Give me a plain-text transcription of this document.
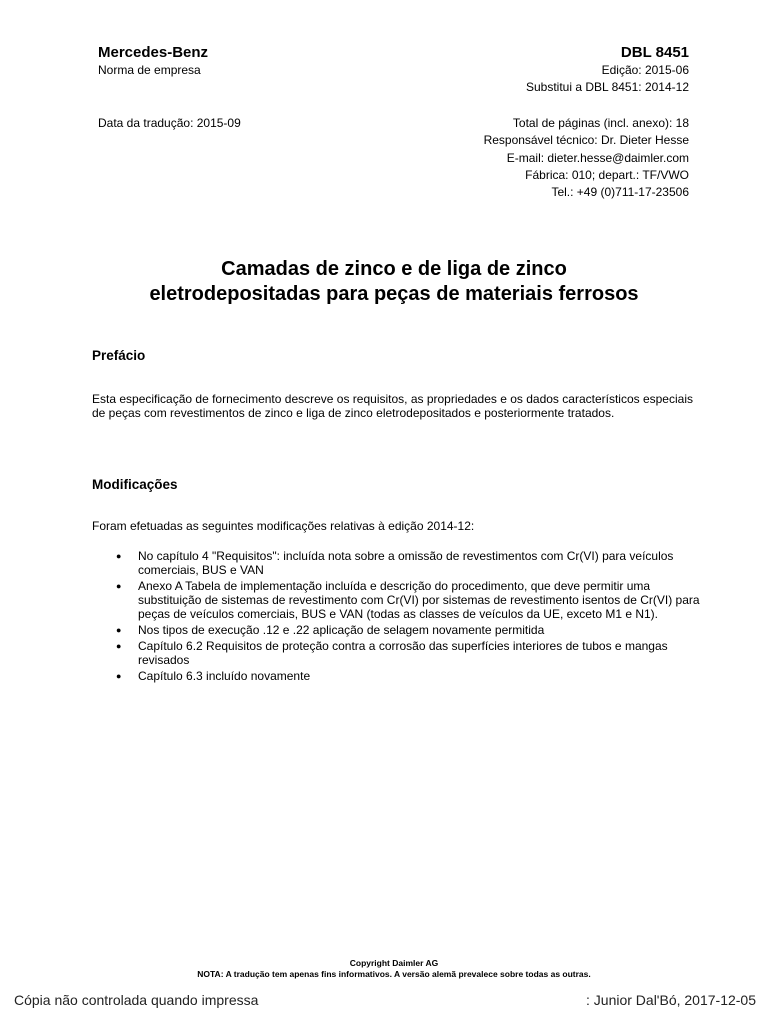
Mercedes-Benz
Norma de empresa
DBL 8451
Edição: 2015-06
Substitui a DBL 8451: 2014-12
Data da tradução: 2015-09	Total de páginas (incl. anexo): 18
Responsável técnico: Dr. Dieter Hesse
E-mail: dieter.hesse@daimler.com
Fábrica: 010; depart.: TF/VWO
Tel.: +49 (0)711-17-23506
Camadas de zinco e de liga de zinco
eletrodepositadas para peças de materiais ferrosos
Prefácio
Esta especificação de fornecimento descreve os requisitos, as propriedades e os dados característicos especiais de peças com revestimentos de zinco e liga de zinco eletrodepositados e posteriormente tratados.
Modificações
Foram efetuadas as seguintes modificações relativas à edição 2014-12:
● No capítulo 4 "Requisitos": incluída nota sobre a omissão de revestimentos com Cr(VI) para veículos comerciais, BUS e VAN
● Anexo A Tabela de implementação incluída e descrição do procedimento, que deve permitir uma substituição de sistemas de revestimento com Cr(VI) por sistemas de revestimento isentos de Cr(VI) para peças de veículos comerciais, BUS e VAN (todas as classes de veículos da UE, exceto M1 e N1).
● Nos tipos de execução .12 e .22 aplicação de selagem novamente permitida
● Capítulo 6.2 Requisitos de proteção contra a corrosão das superfícies interiores de tubos e mangas revisados
● Capítulo 6.3 incluído novamente
Copyright Daimler AG
NOTA: A tradução tem apenas fins informativos. A versão alemã prevalece sobre todas as outras.
Cópia não controlada quando impressa	: Junior Dal'Bó, 2017-12-05
